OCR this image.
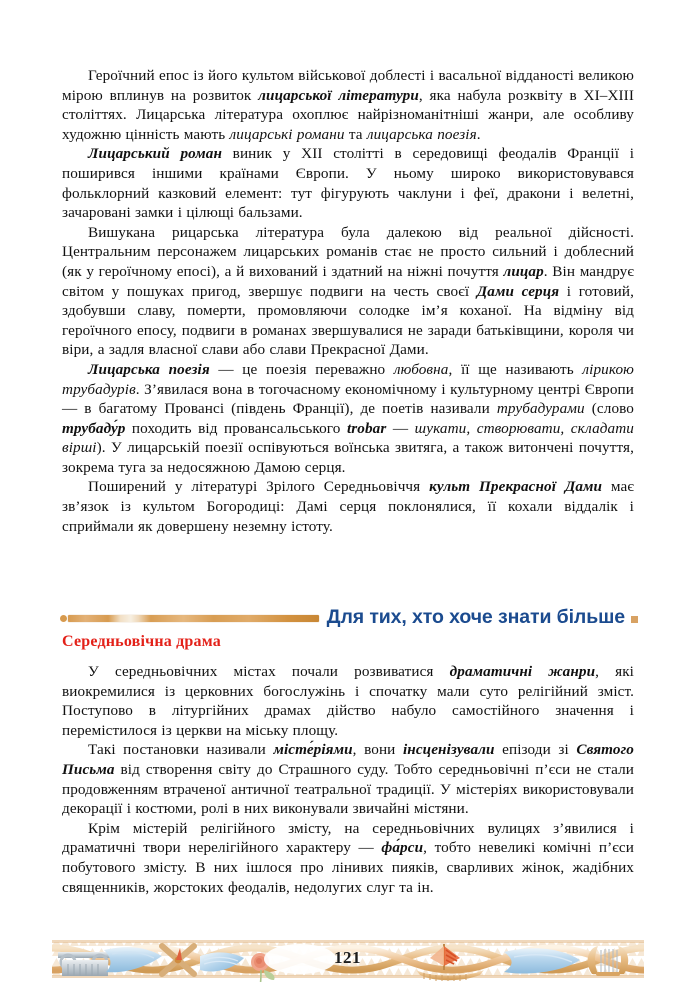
Героїчний епос із його культом військової доблесті і васальної відданості великою мірою вплинув на розвиток лицарської літератури, яка набула розквіту в ХІ–ХІІІ століттях. Лицарська література охоплює найрізноманітніші жанри, але особливу художню цінність мають лицарські романи та лицарська поезія.

Лицарський роман виник у ХІІ столітті в середовищі феодалів Франції і поширився іншими країнами Європи. У ньому широко використовувався фольклорний казковий елемент: тут фігурують чаклуни і феї, дракони і велетні, зачаровані замки і цілющі бальзами.

Вишукана рицарська література була далекою від реальної дійсності. Центральним персонажем лицарських романів стає не просто сильний і доблесний (як у героїчному епосі), а й вихований і здатний на ніжні почуття лицар. Він мандрує світом у пошуках пригод, звершує подвиги на честь своєї Дами серця і готовий, здобувши славу, померти, промовляючи солодке ім’я коханої. На відміну від героїчного епосу, подвиги в романах звершувалися не заради батьківщини, короля чи віри, а задля власної слави або слави Прекрасної Дами.

Лицарська поезія — це поезія переважно любовна, її ще називають лірикою трубадурів. З’явилася вона в тогочасному економічному і культурному центрі Європи — в багатому Провансі (південь Франції), де поетів називали трубадурами (слово трубаду́р походить від провансальського trobar — шукати, створювати, складати вірші). У лицарській поезії оспівуються воїнська звитяга, а також витончені почуття, зокрема туга за недосяжною Дамою серця.

Поширений у літературі Зрілого Середньовіччя культ Прекрасної Дами має зв’язок із культом Богородиці: Дамі серця поклонялися, її кохали віддалік і сприймали як довершену неземну істоту.

Для тих, хто хоче знати більше
Середньовічна драма

У середньовічних містах почали розвиватися драматичні жанри, які виокремилися із церковних богослужінь і спочатку мали суто релігійний зміст. Поступово в літургійних драмах дійство набуло самостійного значення і перемістилося із церкви на міську площу.

Такі постановки називали місте́ріями, вони інсценізували епізоди зі Святого Письма від створення світу до Страшного суду. Тобто середньовічні п’єси не стали продовженням втраченої античної театральної традиції. У містеріях використовували декорації і костюми, ролі в них виконували звичайні містяни.

Крім містерій релігійного змісту, на середньовічних вулицях з’явилися і драматичні твори нерелігійного характеру — фа́рси, тобто невеликі комічні п’єси побутового змісту. В них ішлося про лінивих пияків, сварливих жінок, жадібних священників, жорстоких феодалів, недолугих слуг та ін.

121
